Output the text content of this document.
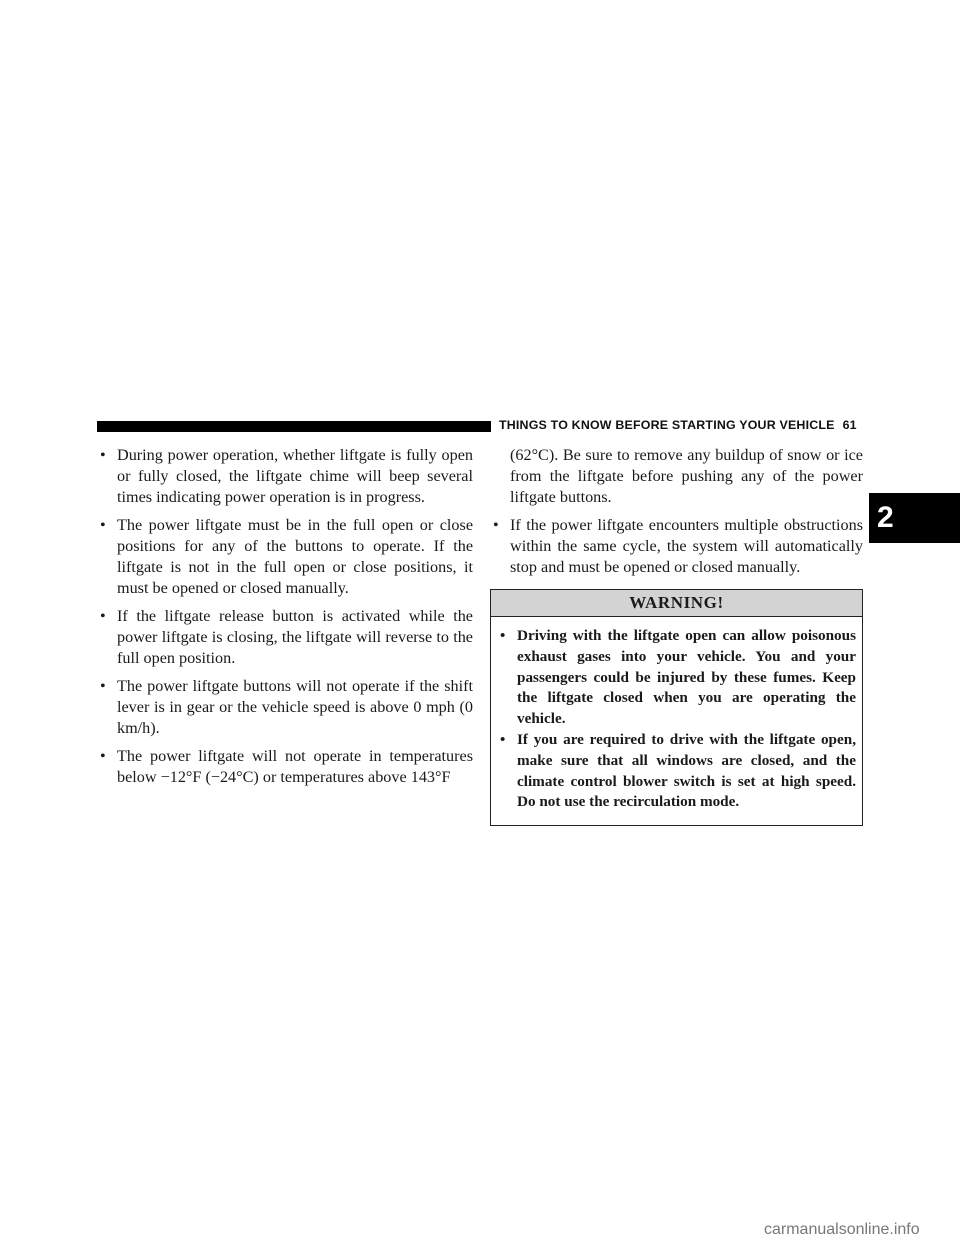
THINGS TO KNOW BEFORE STARTING YOUR VEHICLE 61
2
• During power operation, whether liftgate is fully open or fully closed, the liftgate chime will beep several times indicating power operation is in progress.
• The power liftgate must be in the full open or close positions for any of the buttons to operate. If the liftgate is not in the full open or close positions, it must be opened or closed manually.
• If the liftgate release button is activated while the power liftgate is closing, the liftgate will reverse to the full open position.
• The power liftgate buttons will not operate if the shift lever is in gear or the vehicle speed is above 0 mph (0 km/h).
• The power liftgate will not operate in temperatures below −12°F (−24°C) or temperatures above 143°F
(62°C). Be sure to remove any buildup of snow or ice from the liftgate before pushing any of the power liftgate buttons.
• If the power liftgate encounters multiple obstructions within the same cycle, the system will automatically stop and must be opened or closed manually.
WARNING!
• Driving with the liftgate open can allow poisonous exhaust gases into your vehicle. You and your passengers could be injured by these fumes. Keep the liftgate closed when you are operating the vehicle.
• If you are required to drive with the liftgate open, make sure that all windows are closed, and the climate control blower switch is set at high speed. Do not use the recirculation mode.
carmanualsonline.info
